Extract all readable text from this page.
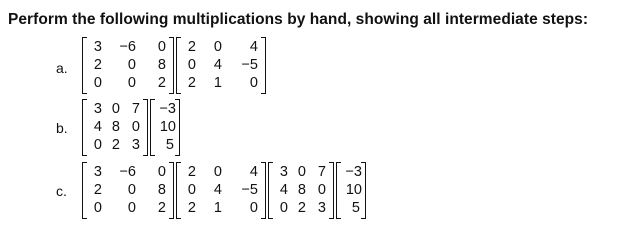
Perform the following multiplications by hand, showing all intermediate steps:
a.
3	−6	0
2	0	8
0	0	2
2	0	4
0	4	−5
2	1	0
b.
3 0 7
4 8 0
0 2 3
−3
10
5
c.
3	−6	0
2	0	8
0	0	2
2	0	4
0	4	−5
2	1	0
3 0 7
4 8 0
0 2 3
−3
10
5
